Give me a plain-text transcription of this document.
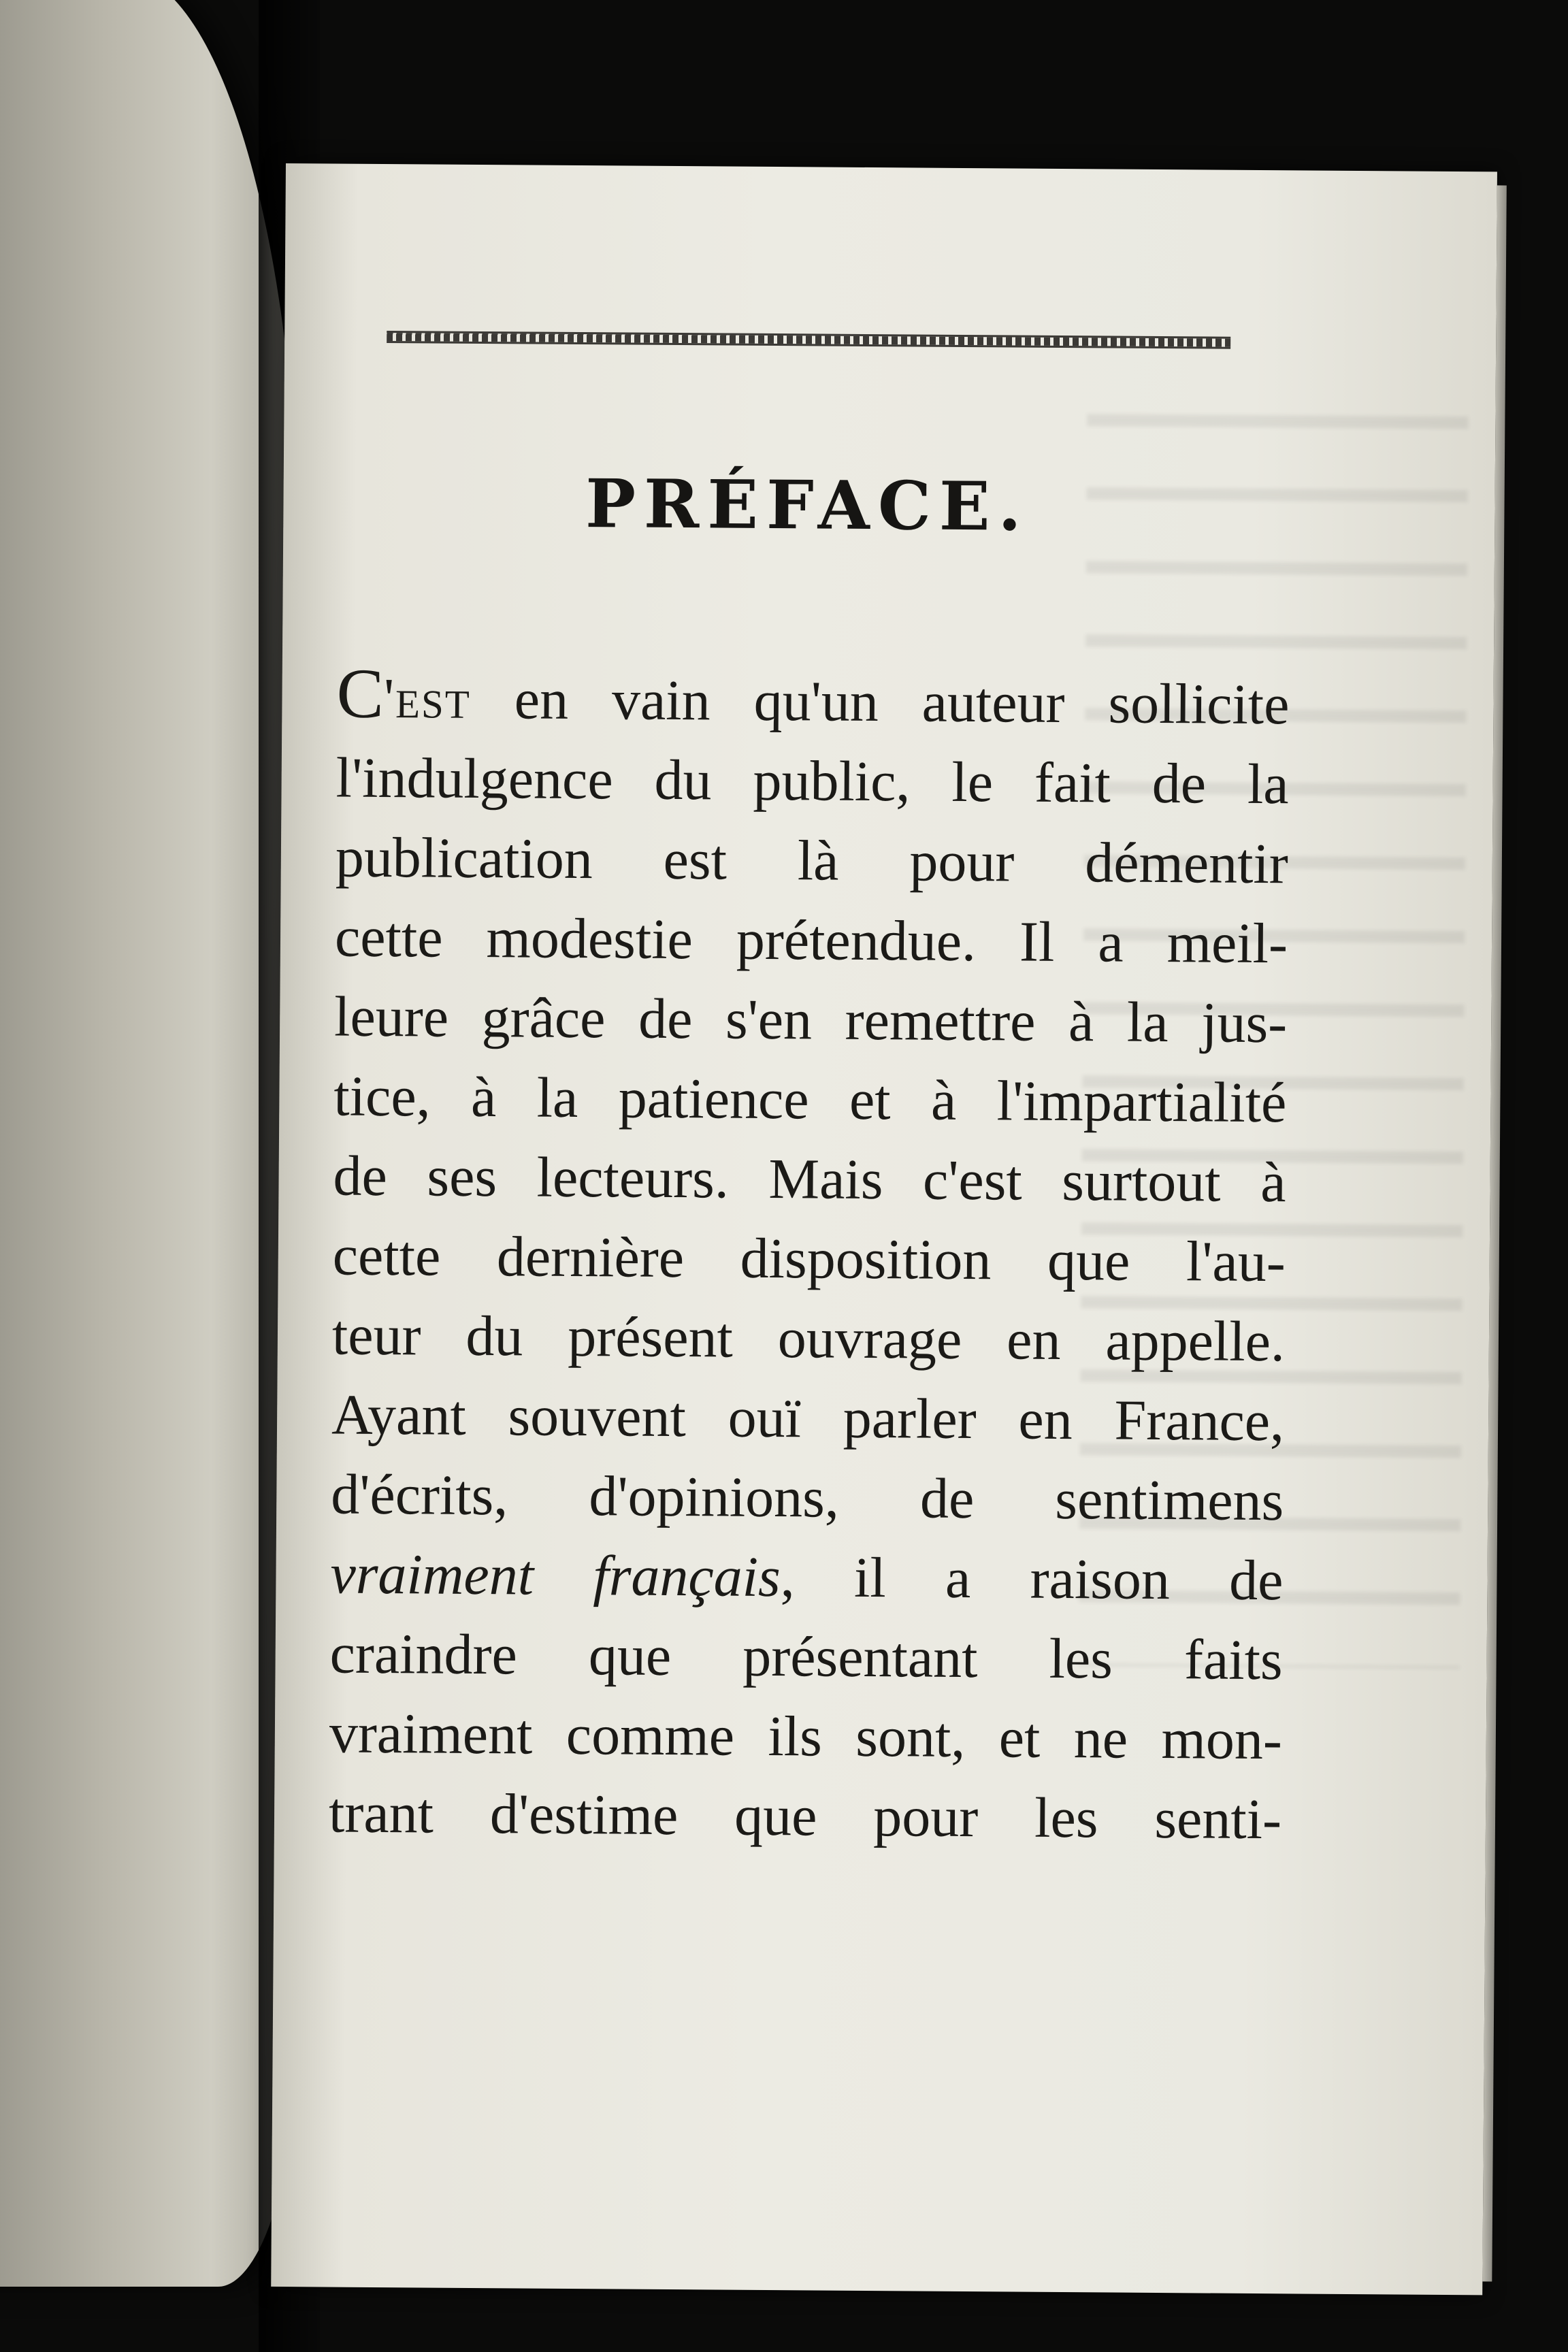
PRÉFACE.
C'est en vain qu'un auteur sollicite
l'indulgence du public, le fait de la
publication est là pour démentir
cette modestie prétendue. Il a meil-
leure grâce de s'en remettre à la jus-
tice, à la patience et à l'impartialité
de ses lecteurs. Mais c'est surtout à
cette dernière disposition que l'au-
teur du présent ouvrage en appelle.
Ayant souvent ouï parler en France,
d'écrits, d'opinions, de sentimens
vraiment français, il a raison de
craindre que présentant les faits
vraiment comme ils sont, et ne mon-
trant d'estime que pour les senti-
